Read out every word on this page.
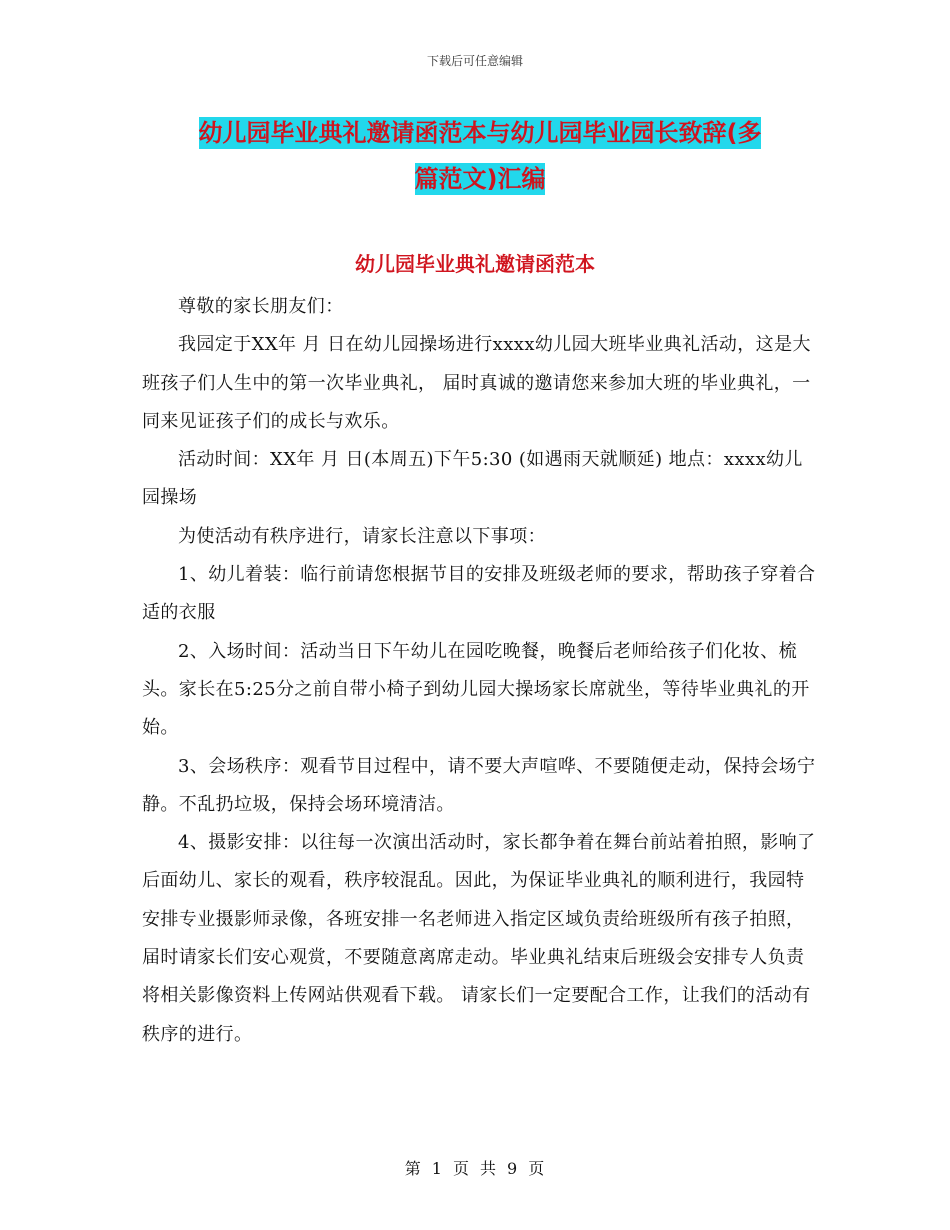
下载后可任意编辑
幼儿园毕业典礼邀请函范本与幼儿园毕业园长致辞(多
篇范文)汇编
幼儿园毕业典礼邀请函范本

尊敬的家长朋友们：

我园定于XX年 月 日在幼儿园操场进行xxxx幼儿园大班毕业典礼活动，这是大班孩子们人生中的第一次毕业典礼， 届时真诚的邀请您来参加大班的毕业典礼，一同来见证孩子们的成长与欢乐。

活动时间：XX年 月 日(本周五)下午5:30 (如遇雨天就顺延) 地点：xxxx幼儿园操场

为使活动有秩序进行，请家长注意以下事项：

1、幼儿着装：临行前请您根据节目的安排及班级老师的要求，帮助孩子穿着合适的衣服

2、入场时间：活动当日下午幼儿在园吃晚餐，晚餐后老师给孩子们化妆、梳头。家长在5:25分之前自带小椅子到幼儿园大操场家长席就坐，等待毕业典礼的开始。

3、会场秩序：观看节目过程中，请不要大声喧哗、不要随便走动，保持会场宁静。不乱扔垃圾，保持会场环境清洁。

4、摄影安排：以往每一次演出活动时，家长都争着在舞台前站着拍照，影响了后面幼儿、家长的观看，秩序较混乱。因此，为保证毕业典礼的顺利进行，我园特安排专业摄影师录像，各班安排一名老师进入指定区域负责给班级所有孩子拍照，届时请家长们安心观赏，不要随意离席走动。毕业典礼结束后班级会安排专人负责将相关影像资料上传网站供观看下载。 请家长们一定要配合工作，让我们的活动有秩序的进行。

第 1 页 共 9 页
